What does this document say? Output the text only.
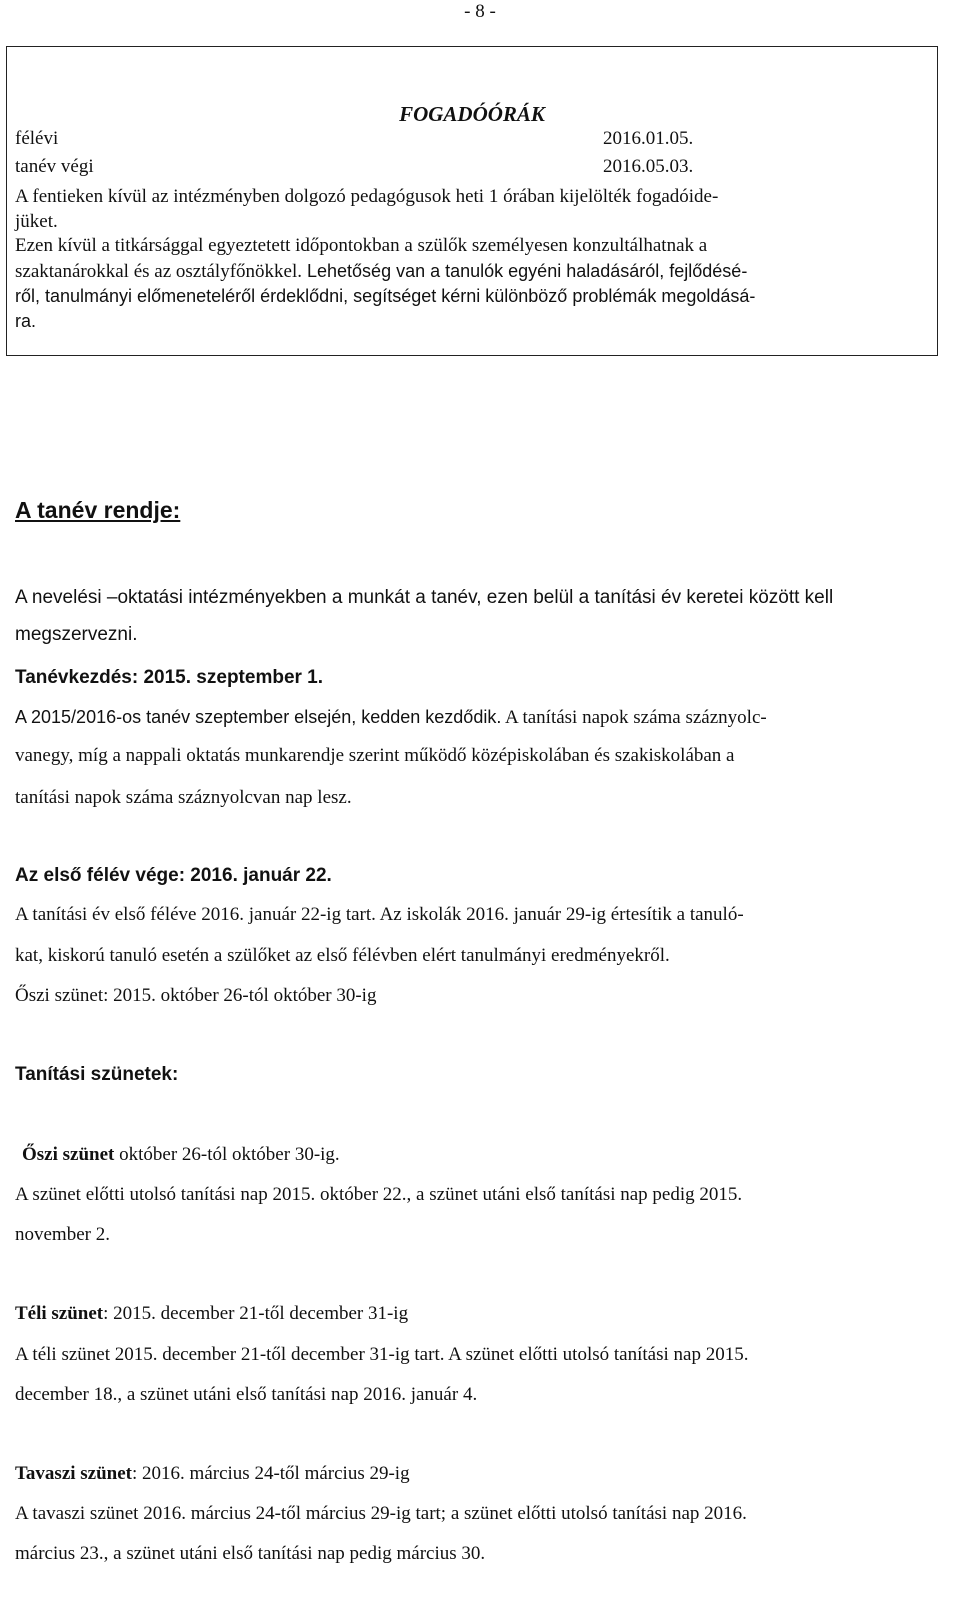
- 8 -
FOGADÓÓRÁK
félévi	2016.01.05.
tanév végi	2016.05.03.
A fentieken kívül az intézményben dolgozó pedagógusok heti 1 órában kijelölték fogadóide-
jüket.
Ezen kívül a titkársággal egyeztetett időpontokban a szülők személyesen konzultálhatnak a
szaktanárokkal és az osztályfőnökkel. Lehetőség van a tanulók egyéni haladásáról, fejlődésé-
ről, tanulmányi előmeneteléről érdeklődni, segítséget kérni különböző problémák megoldásá-
ra.
A tanév rendje:
A nevelési –oktatási intézményekben a munkát a tanév, ezen belül a tanítási év keretei között kell
megszervezni.
Tanévkezdés: 2015. szeptember 1.
A 2015/2016-os tanév szeptember elsején, kedden kezdődik. A tanítási napok száma száznyolc-
vanegy, míg a nappali oktatás munkarendje szerint működő középiskolában és szakiskolában a
tanítási napok száma száznyolcvan nap lesz.
Az első félév vége: 2016. január 22.
A tanítási év első féléve 2016. január 22-ig tart. Az iskolák 2016. január 29-ig értesítik a tanuló-
kat, kiskorú tanuló esetén a szülőket az első félévben elért tanulmányi eredményekről.
Őszi szünet: 2015. október 26-tól október 30-ig
Tanítási szünetek:
Őszi szünet október 26-tól október 30-ig.
A szünet előtti utolsó tanítási nap 2015. október 22., a szünet utáni első tanítási nap pedig 2015.
november 2.
Téli szünet: 2015. december 21-től december 31-ig
A téli szünet 2015. december 21-től december 31-ig tart. A szünet előtti utolsó tanítási nap 2015.
december 18., a szünet utáni első tanítási nap 2016. január 4.
Tavaszi szünet: 2016. március 24-től március 29-ig
A tavaszi szünet 2016. március 24-től március 29-ig tart; a szünet előtti utolsó tanítási nap 2016.
március 23., a szünet utáni első tanítási nap pedig március 30.
